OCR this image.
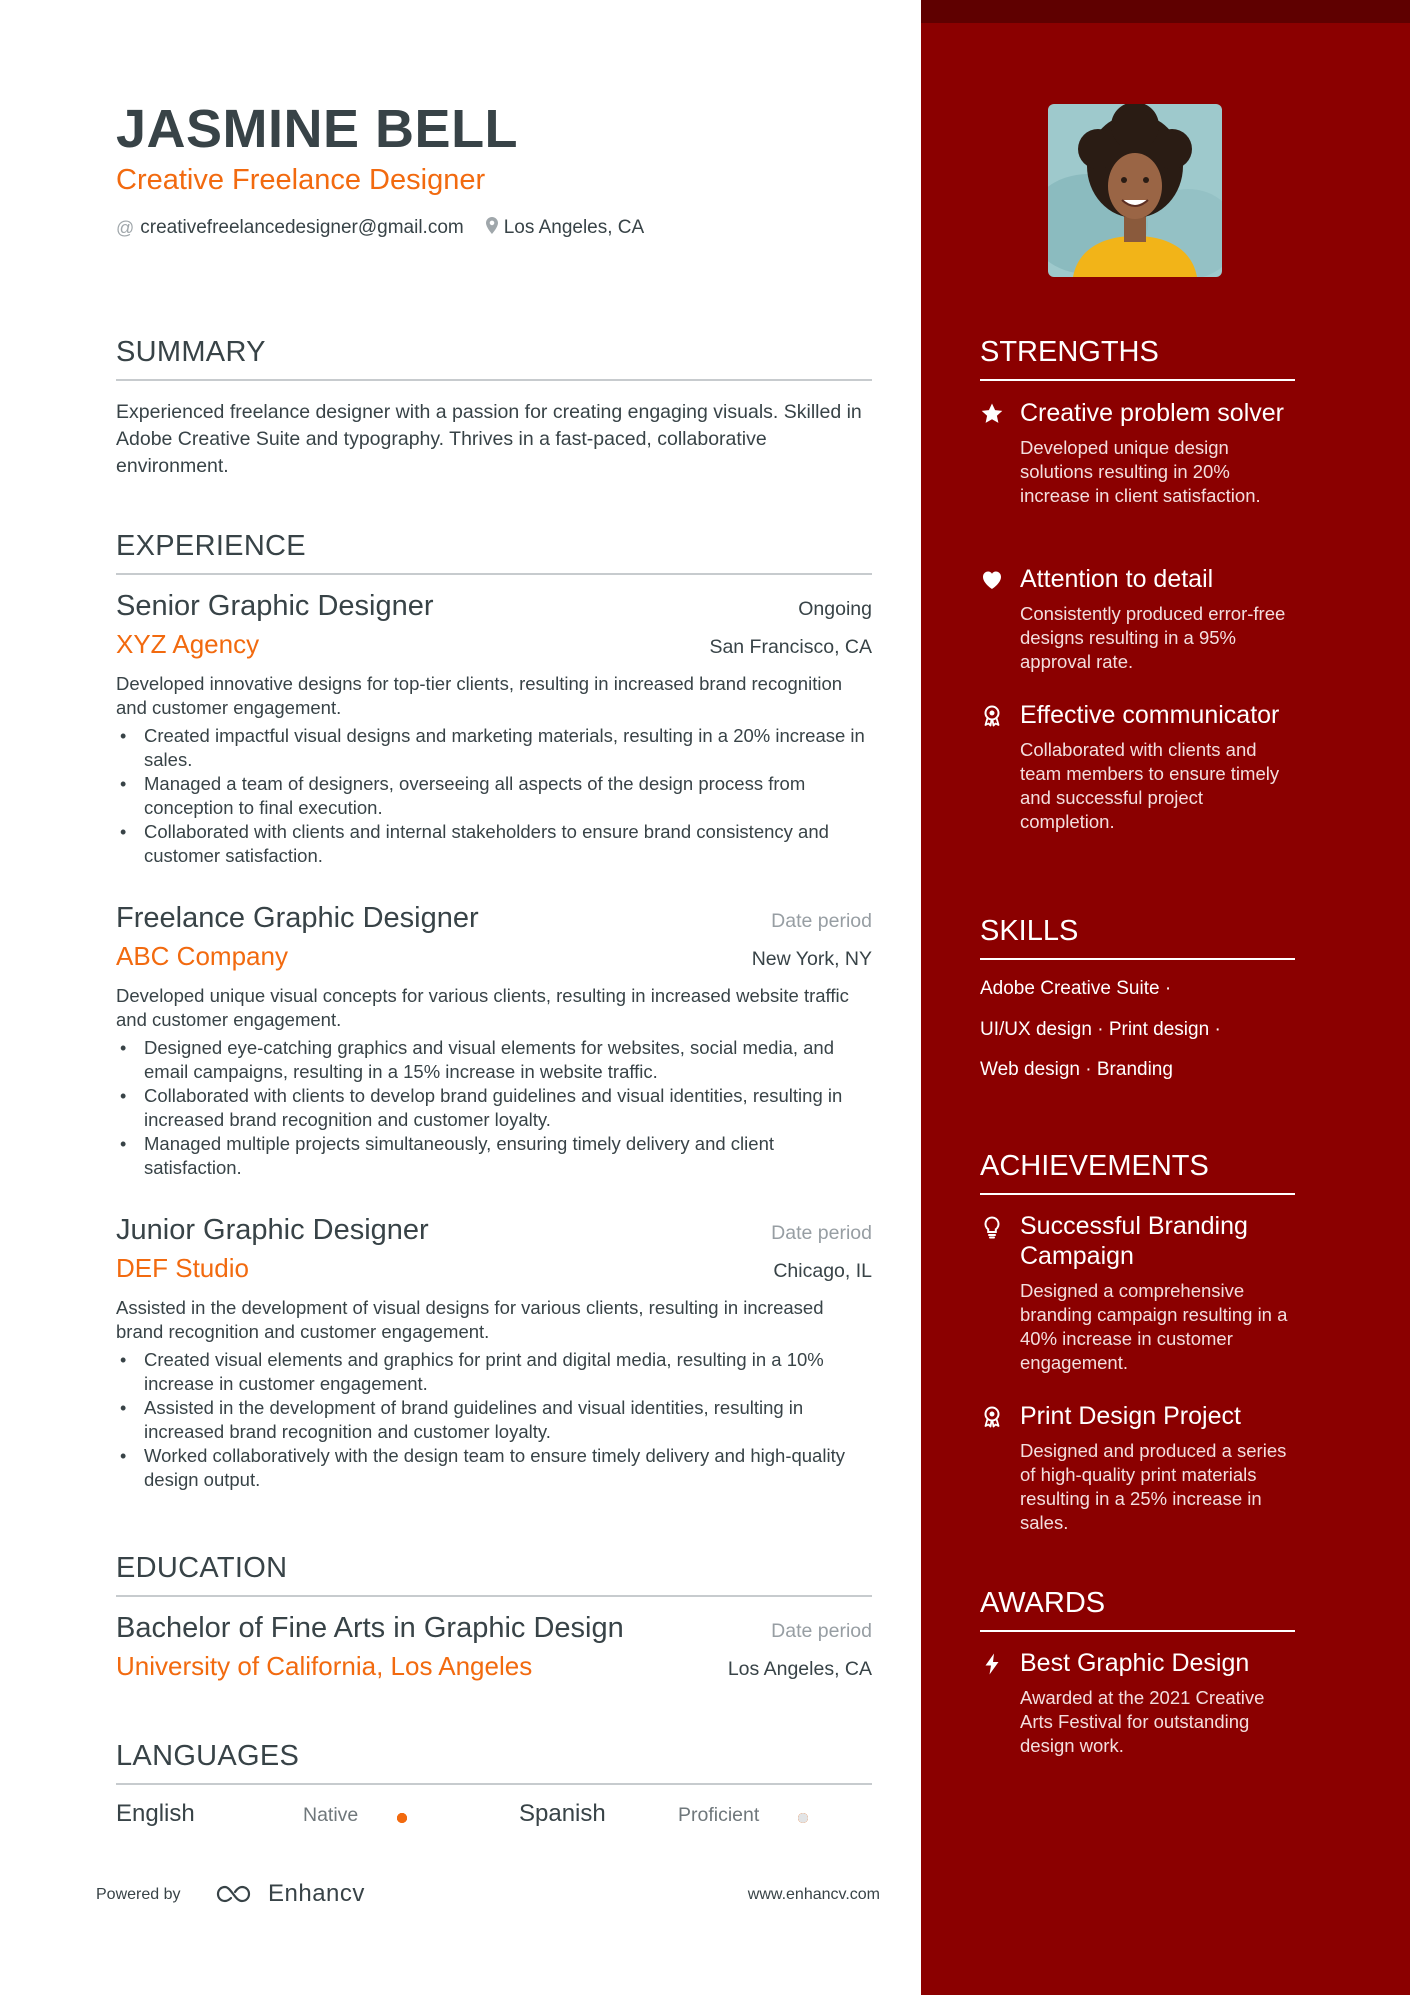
JASMINE BELL
Creative Freelance Designer
@ creativefreelancedesigner@gmail.com Los Angeles, CA
SUMMARY
Experienced freelance designer with a passion for creating engaging visuals. Skilled in Adobe Creative Suite and typography. Thrives in a fast-paced, collaborative environment.
EXPERIENCE
Senior Graphic Designer	Ongoing
XYZ Agency	San Francisco, CA
Developed innovative designs for top-tier clients, resulting in increased brand recognition and customer engagement.
• Created impactful visual designs and marketing materials, resulting in a 20% increase in sales.
• Managed a team of designers, overseeing all aspects of the design process from conception to final execution.
• Collaborated with clients and internal stakeholders to ensure brand consistency and customer satisfaction.
Freelance Graphic Designer	Date period
ABC Company	New York, NY
Developed unique visual concepts for various clients, resulting in increased website traffic and customer engagement.
• Designed eye-catching graphics and visual elements for websites, social media, and email campaigns, resulting in a 15% increase in website traffic.
• Collaborated with clients to develop brand guidelines and visual identities, resulting in increased brand recognition and customer loyalty.
• Managed multiple projects simultaneously, ensuring timely delivery and client satisfaction.
Junior Graphic Designer	Date period
DEF Studio	Chicago, IL
Assisted in the development of visual designs for various clients, resulting in increased brand recognition and customer engagement.
• Created visual elements and graphics for print and digital media, resulting in a 10% increase in customer engagement.
• Assisted in the development of brand guidelines and visual identities, resulting in increased brand recognition and customer loyalty.
• Worked collaboratively with the design team to ensure timely delivery and high-quality design output.
EDUCATION
Bachelor of Fine Arts in Graphic Design	Date period
University of California, Los Angeles	Los Angeles, CA
LANGUAGES
English	Native	Spanish	Proficient
Powered by	Enhancv	www.enhancv.com
STRENGTHS
Creative problem solver
Developed unique design solutions resulting in 20% increase in client satisfaction.
Attention to detail
Consistently produced error-free designs resulting in a 95% approval rate.
Effective communicator
Collaborated with clients and team members to ensure timely and successful project completion.
SKILLS
Adobe Creative Suite ·
UI/UX design · Print design ·
Web design · Branding
ACHIEVEMENTS
Successful Branding Campaign
Designed a comprehensive branding campaign resulting in a 40% increase in customer engagement.
Print Design Project
Designed and produced a series of high-quality print materials resulting in a 25% increase in sales.
AWARDS
Best Graphic Design
Awarded at the 2021 Creative Arts Festival for outstanding design work.
